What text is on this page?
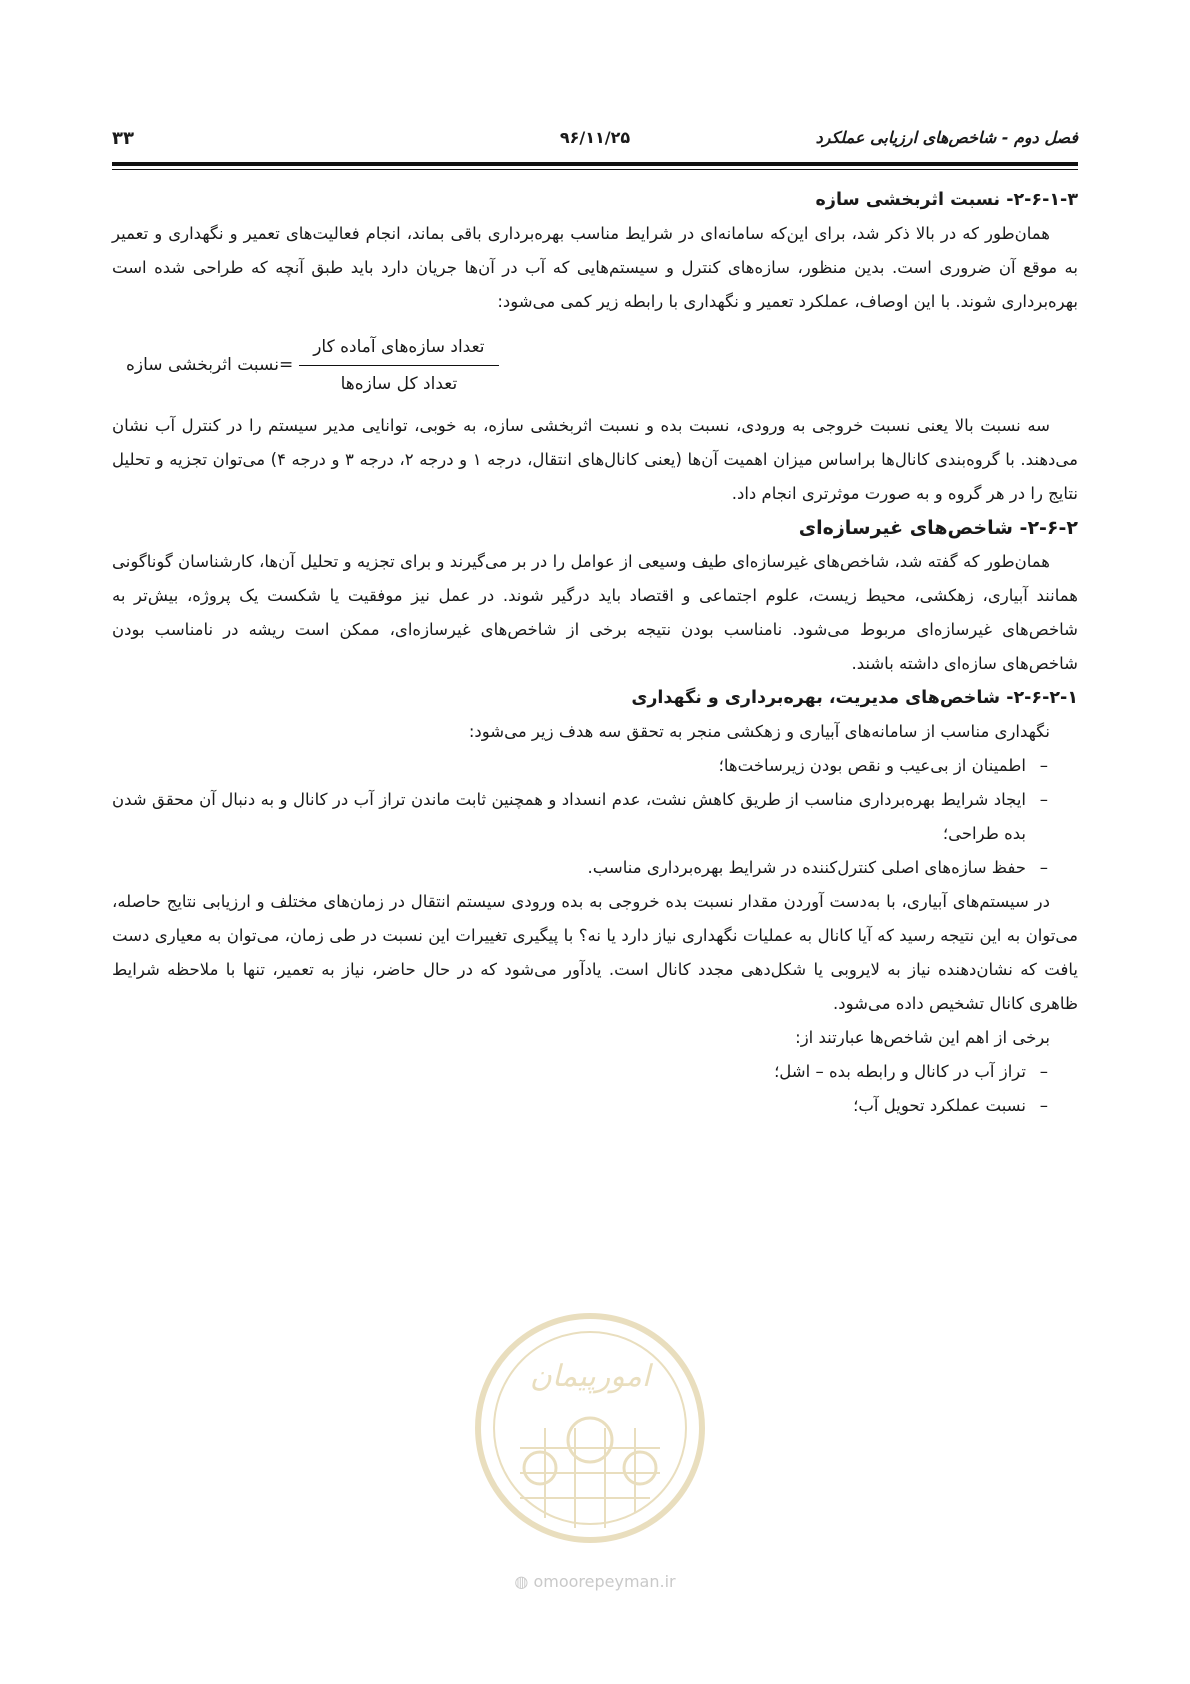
فصل دوم - شاخص‌های ارزیابی عملکرد
۹۶/۱۱/۲۵
۳۳
۲-۶-۱-۳- نسبت اثربخشی سازه

همان‌طور که در بالا ذکر شد، برای این‌که سامانه‌ای در شرایط مناسب بهره‌برداری باقی بماند، انجام فعالیت‌های تعمیر و نگهداری و تعمیر به موقع آن ضروری است. بدین منظور، سازه‌های کنترل و سیستم‌هایی که آب در آن‌ها جریان دارد باید طبق آنچه که طراحی شده است بهره‌برداری شوند. با این اوصاف، عملکرد تعمیر و نگهداری با رابطه زیر کمی می‌شود:

$\frac{\text{تعداد سازه‌های آماده کار}}{\text{تعداد کل سازه‌ها}}$
=
نسبت اثربخشی سازه

سه نسبت بالا یعنی نسبت خروجی به ورودی، نسبت بده و نسبت اثربخشی سازه، به خوبی، توانایی مدیر سیستم را در کنترل آب نشان می‌دهند. با گروه‌بندی کانال‌ها براساس میزان اهمیت آن‌ها (یعنی کانال‌های انتقال، درجه ۱ و درجه ۲، درجه ۳ و درجه ۴) می‌توان تجزیه و تحلیل نتایج را در هر گروه و به صورت موثرتری انجام داد.

۲-۶-۲- شاخص‌های غیرسازه‌ای

همان‌طور که گفته شد، شاخص‌های غیرسازه‌ای طیف وسیعی از عوامل را در بر می‌گیرند و برای تجزیه و تحلیل آن‌ها، کارشناسان گوناگونی همانند آبیاری، زهکشی، محیط زیست، علوم اجتماعی و اقتصاد باید درگیر شوند. در عمل نیز موفقیت یا شکست یک پروژه، بیش‌تر به شاخص‌های غیرسازه‌ای مربوط می‌شود. نامناسب بودن نتیجه برخی از شاخص‌های غیرسازه‌ای، ممکن است ریشه در نامناسب بودن شاخص‌های سازه‌ای داشته باشند.

۲-۶-۲-۱- شاخص‌های مدیریت، بهره‌برداری و نگهداری

نگهداری مناسب از سامانه‌های آبیاری و زهکشی منجر به تحقق سه هدف زیر می‌شود:

– اطمینان از بی‌عیب و نقص بودن زیرساخت‌ها؛
– ایجاد شرایط بهره‌برداری مناسب از طریق کاهش نشت، عدم انسداد و همچنین ثابت ماندن تراز آب در کانال و به دنبال آن محقق شدن بده طراحی؛
– حفظ سازه‌های اصلی کنترل‌کننده در شرایط بهره‌برداری مناسب.

در سیستم‌های آبیاری، با به‌دست آوردن مقدار نسبت بده خروجی به بده ورودی سیستم انتقال در زمان‌های مختلف و ارزیابی نتایج حاصله، می‌توان به این نتیجه رسید که آیا کانال به عملیات نگهداری نیاز دارد یا نه؟ با پیگیری تغییرات این نسبت در طی زمان، می‌توان به معیاری دست یافت که نشان‌دهنده نیاز به لایروبی یا شکل‌دهی مجدد کانال است. یادآور می‌شود که در حال حاضر، نیاز به تعمیر، تنها با ملاحظه شرایط ظاهری کانال تشخیص داده می‌شود.

برخی از اهم این شاخص‌ها عبارتند از:

– تراز آب در کانال و رابطه بده – اشل؛
– نسبت عملکرد تحویل آب؛
امورپیمان
◍ omoorepeyman.ir
